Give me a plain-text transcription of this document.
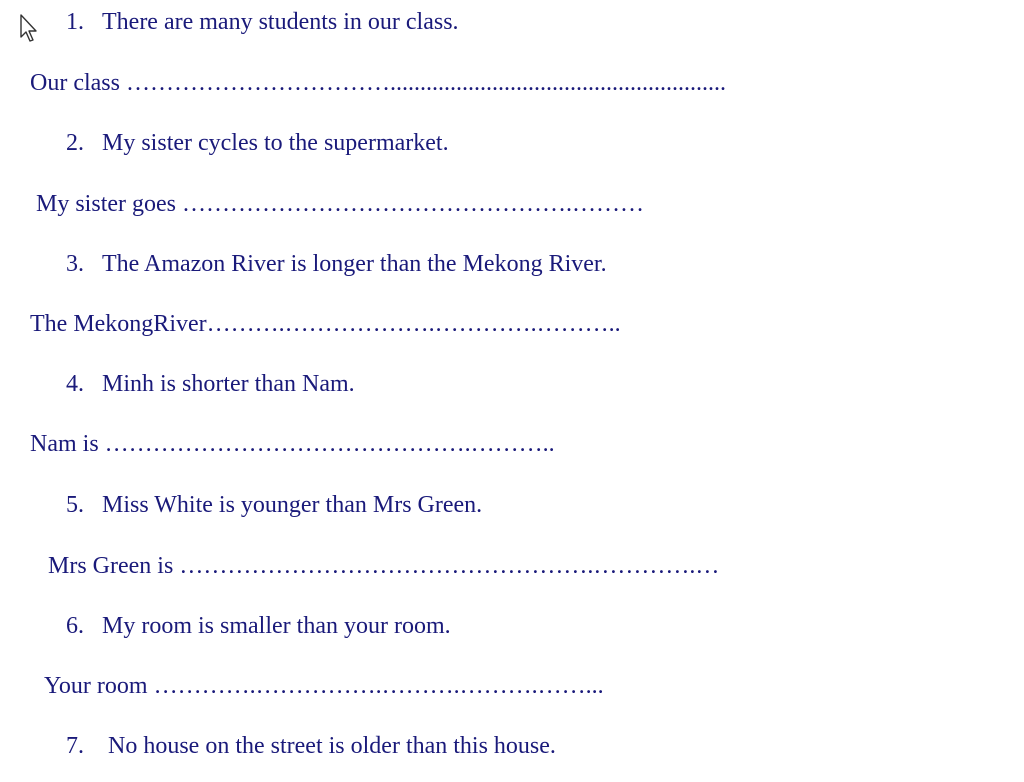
1. There are many students in our class.
Our class ……………………………........................................................
2. My sister cycles to the supermarket.
My sister goes ………………………………………….………
3. The Amazon River is longer than the Mekong River.
The MekongRiver……….……………….………….………..
4. Minh is shorter than Nam.
Nam is ……………………………………….………..
5. Miss White is younger than Mrs Green.
Mrs Green is …………………………………………….………….…
6. My room is smaller than your room.
Your room ………….…………….……….……….……...
7. No house on the street is older than this house.
